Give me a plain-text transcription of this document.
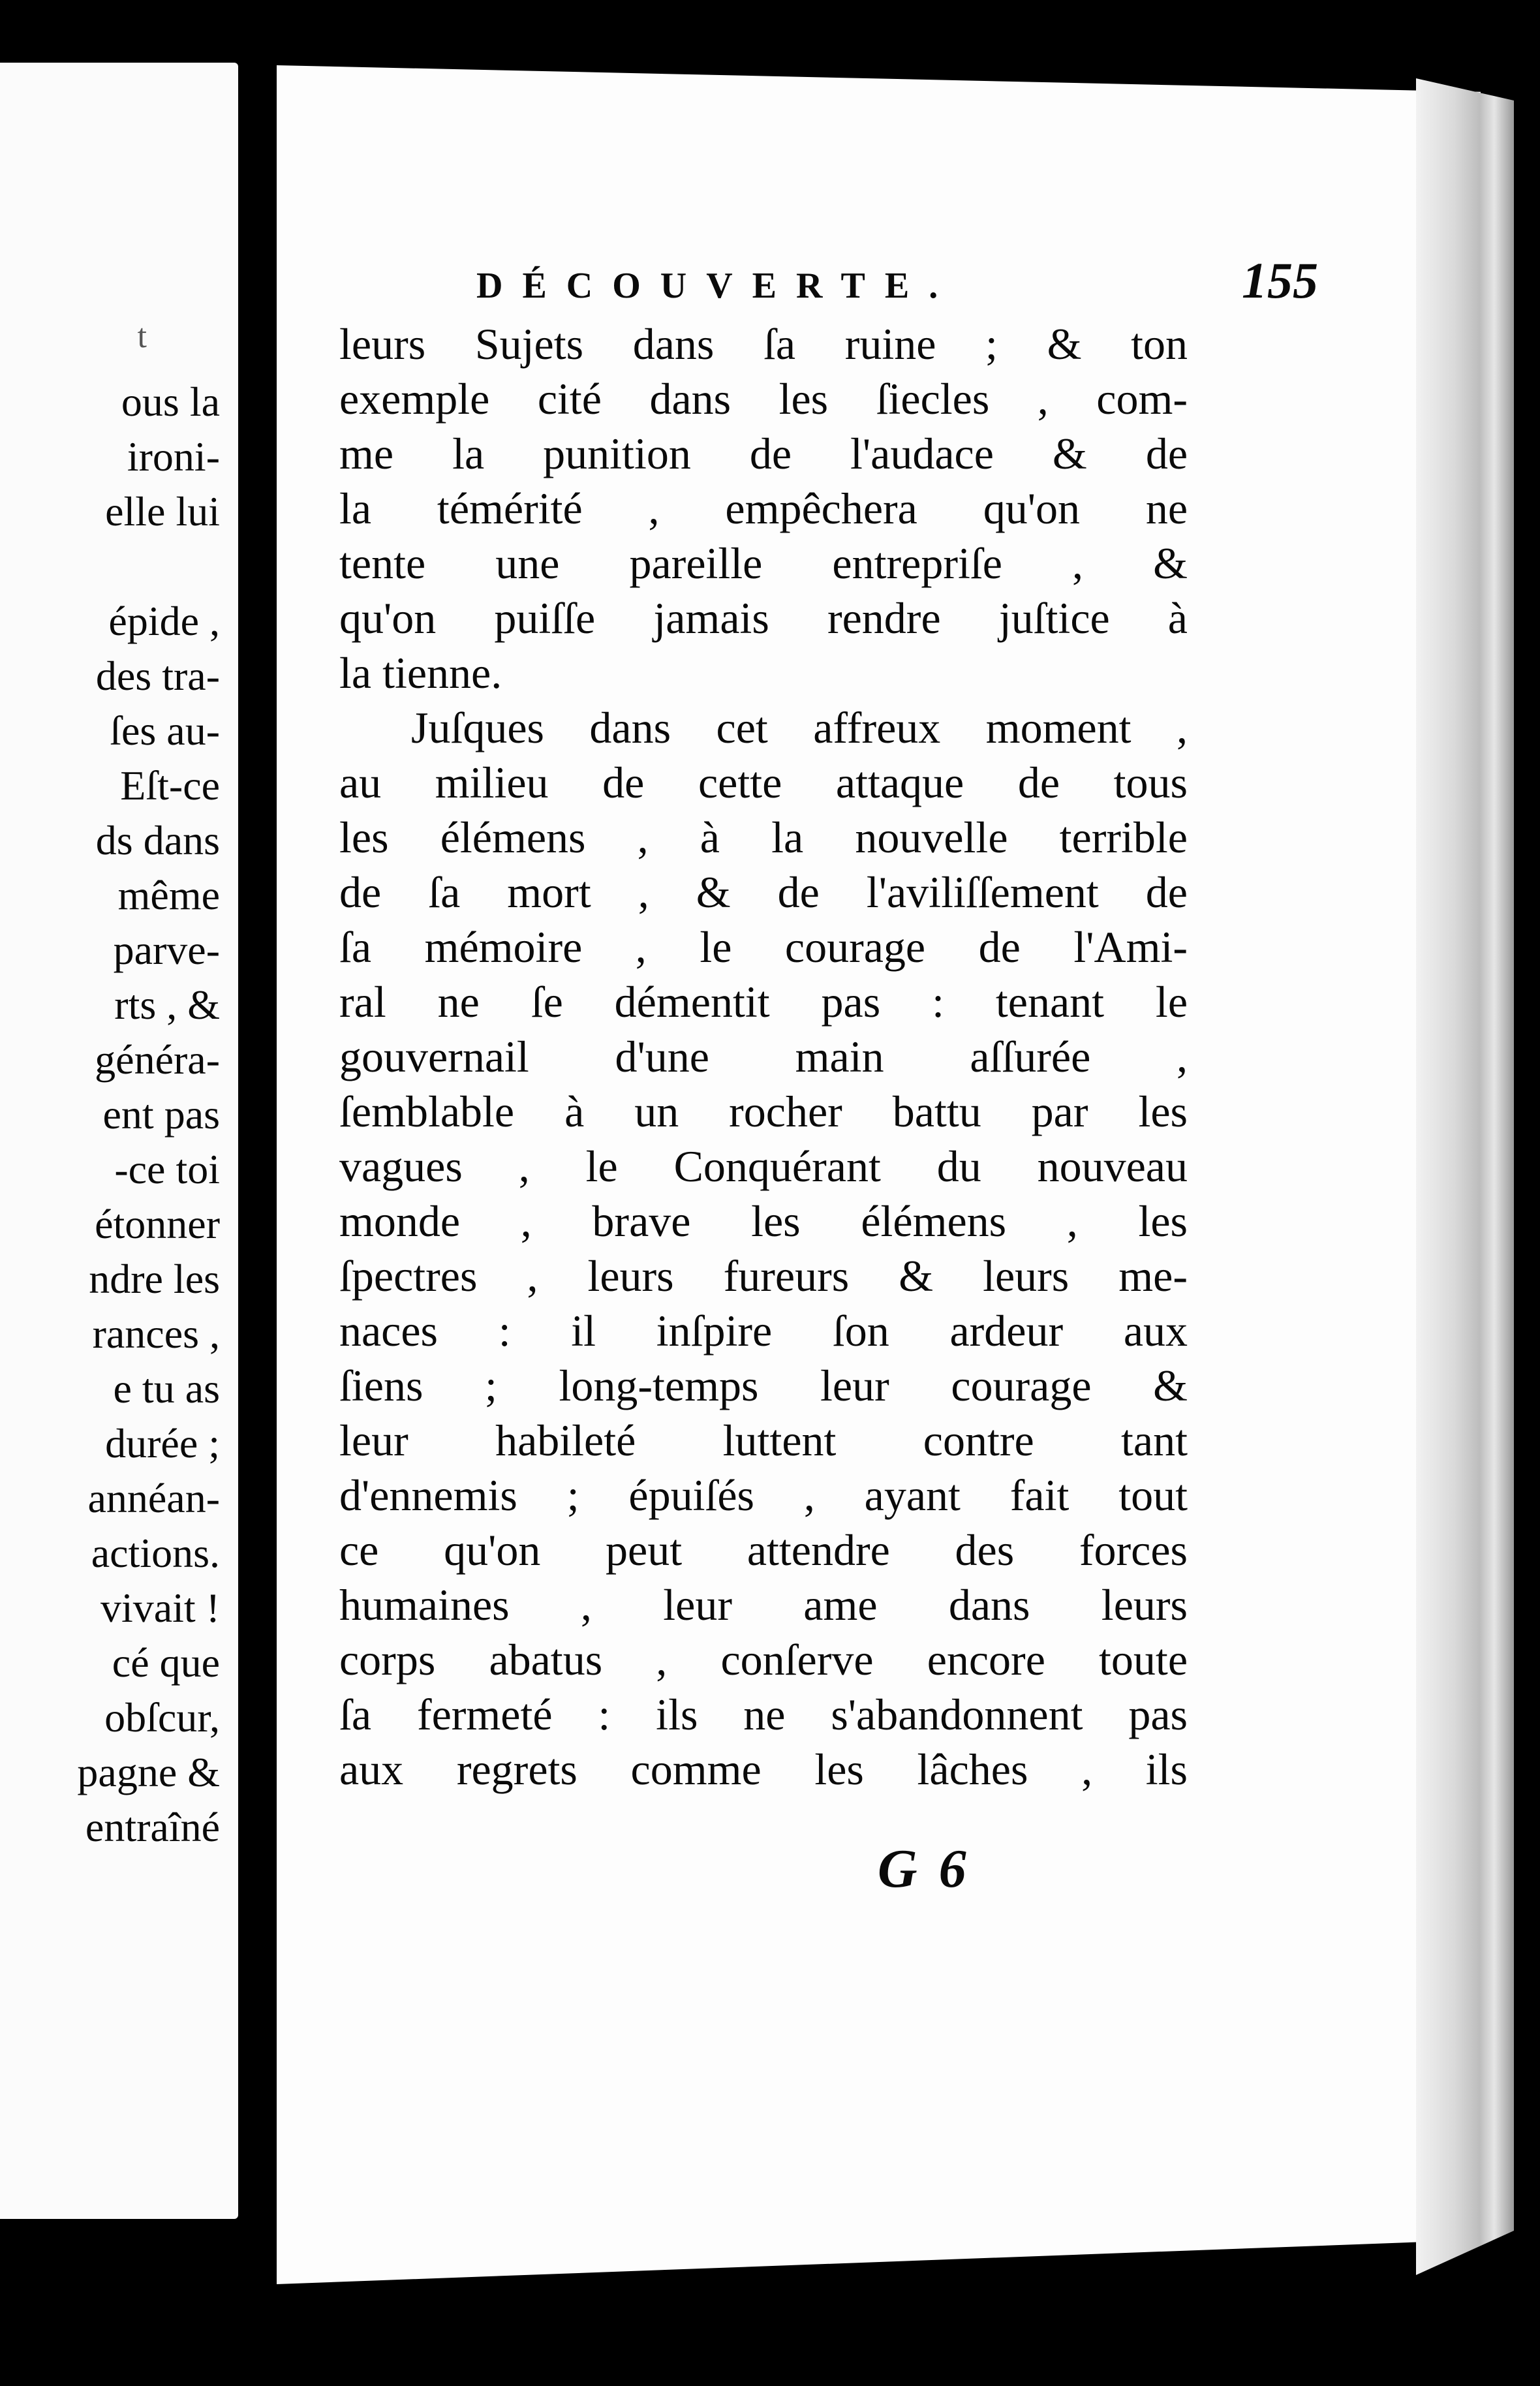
t
ous la
ironi-
elle lui
épide ,
des tra-
ſes au-
Eſt-ce
ds dans
même
parve-
rts , &
généra-
ent pas
-ce toi
étonner
ndre les
rances ,
e tu as
durée ;
annéan-
actions.
vivait !
cé que
obſcur,
pagne &
entraîné
DÉCOUVERTE.	155
leurs Sujets dans ſa ruine ; & ton
exemple cité dans les ſiecles , com-
me la punition de l'audace & de
la témérité , empêchera qu'on ne
tente une pareille entrepriſe , &
qu'on puiſſe jamais rendre juſtice à
la tienne.
Juſques dans cet affreux moment ,
au milieu de cette attaque de tous
les élémens , à la nouvelle terrible
de ſa mort , & de l'aviliſſement de
ſa mémoire , le courage de l'Ami-
ral ne ſe démentit pas : tenant le
gouvernail d'une main aſſurée ,
ſemblable à un rocher battu par les
vagues , le Conquérant du nouveau
monde , brave les élémens , les
ſpectres , leurs fureurs & leurs me-
naces : il inſpire ſon ardeur aux
ſiens ; long-temps leur courage &
leur habileté luttent contre tant
d'ennemis ; épuiſés , ayant fait tout
ce qu'on peut attendre des forces
humaines , leur ame dans leurs
corps abatus , conſerve encore toute
ſa fermeté : ils ne s'abandonnent pas
aux regrets comme les lâches , ils
G 6
